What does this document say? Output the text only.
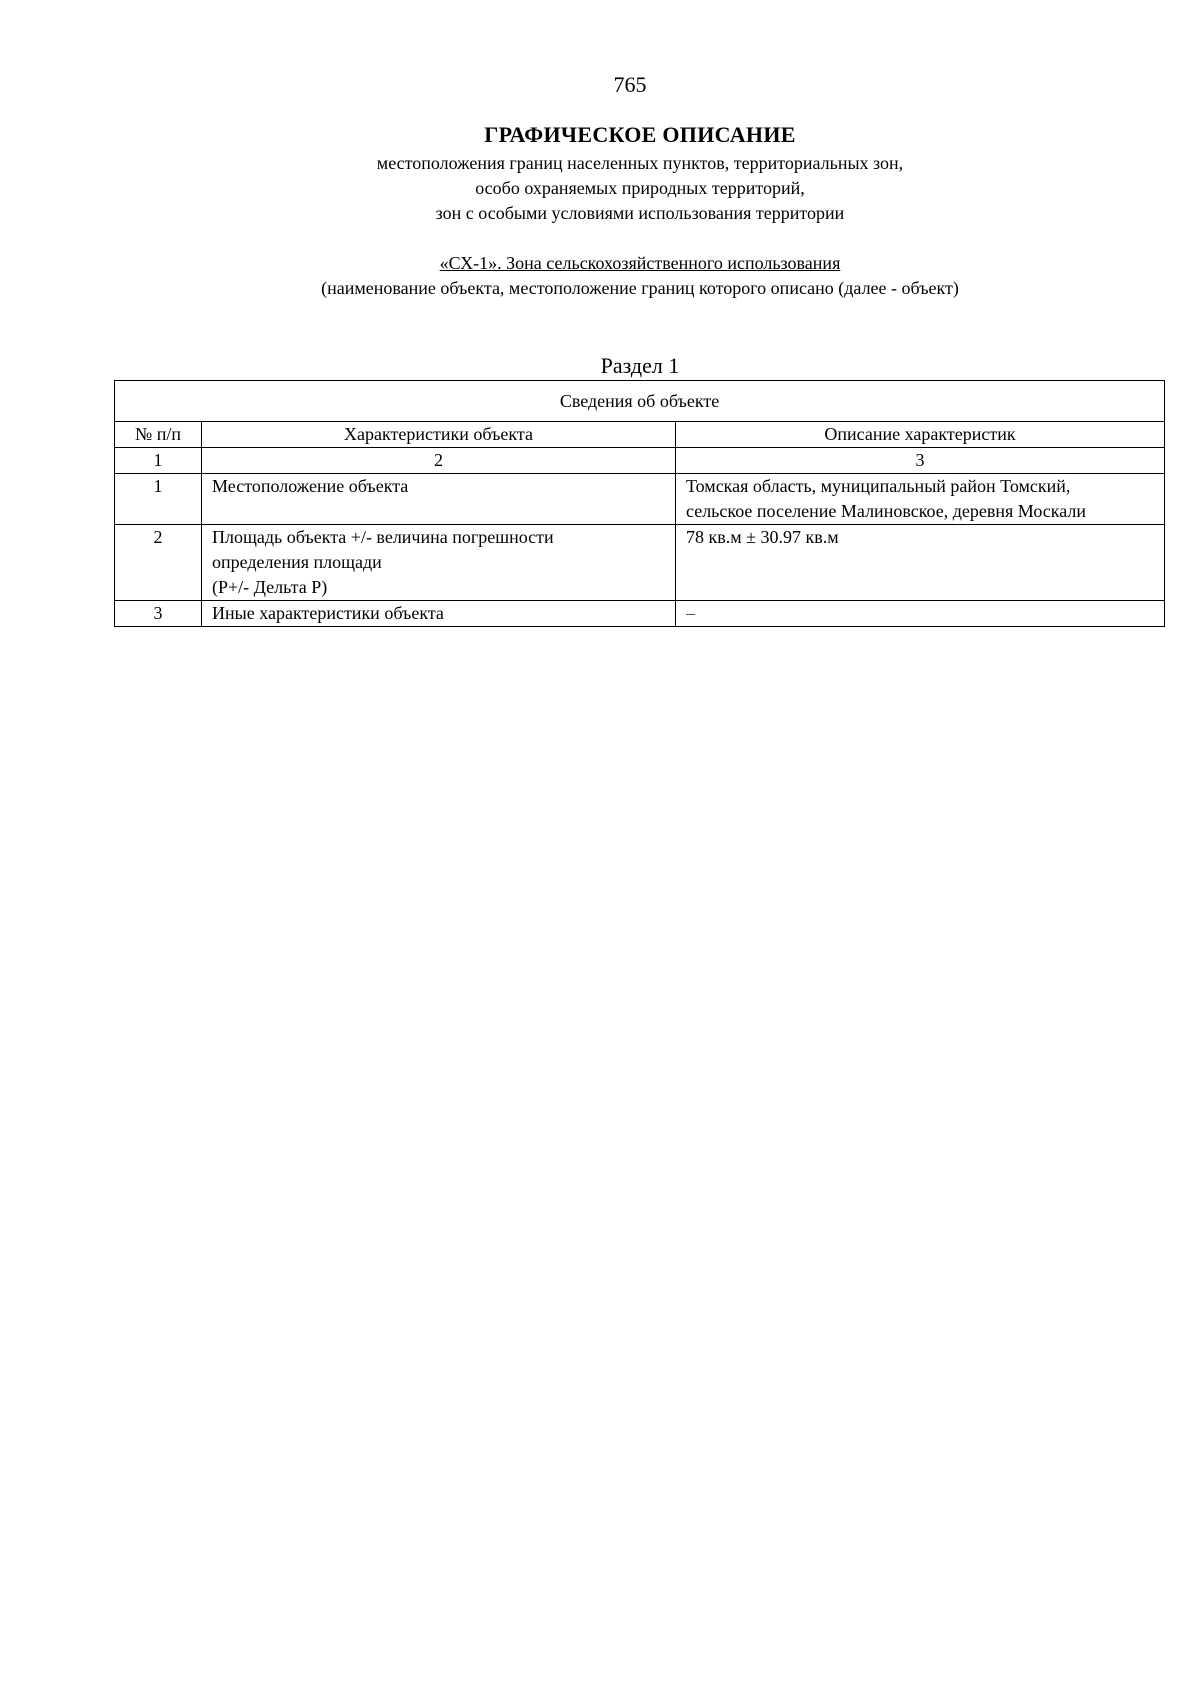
765
ГРАФИЧЕСКОЕ ОПИСАНИЕ
местоположения границ населенных пунктов, территориальных зон,
особо охраняемых природных территорий,
зон с особыми условиями использования территории
«СХ-1». Зона сельскохозяйственного использования
(наименование объекта, местоположение границ которого описано (далее - объект)
Раздел 1
Сведения об объекте		
№ п/п	Характеристики объекта	Описание характеристик
1	2	3
1	Местоположение объекта	Томская область, муниципальный район Томский,
сельское поселение Малиновское, деревня Москали

2	Площадь объекта +/- величина погрешности
определения площади
(Р+/- Дельта Р)	78 кв.м ± 30.97 кв.м

3	Иные характеристики объекта	–
